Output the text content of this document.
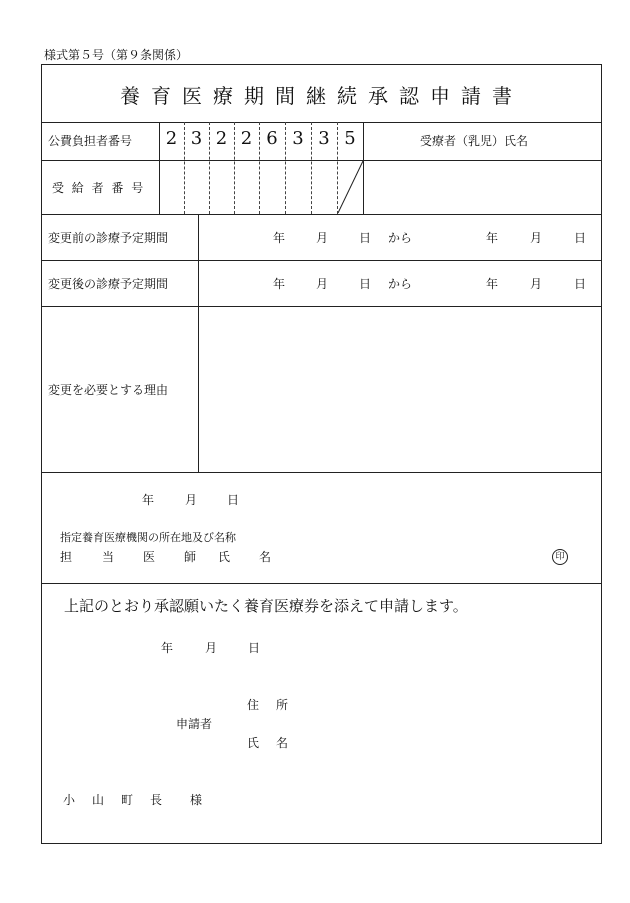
様式第５号（第９条関係）
養育医療期間継続承認申請書
公費負担者番号	2 3 2 2 6 3 3 5	受療者（乳児）氏名
受給者番号
変更前の診療予定期間	年	月	日 から	年	月	日
変更後の診療予定期間	年	月	日 から	年	月	日
変更を必要とする理由
年	月 日
指定養育医療機関の所在地及び名称
担 当 医 師 氏 名	印
上記のとおり承認願いたく養育医療券を添えて申請します。
年	月	日
申請者
住 所
氏 名
小 山 町 長 様
